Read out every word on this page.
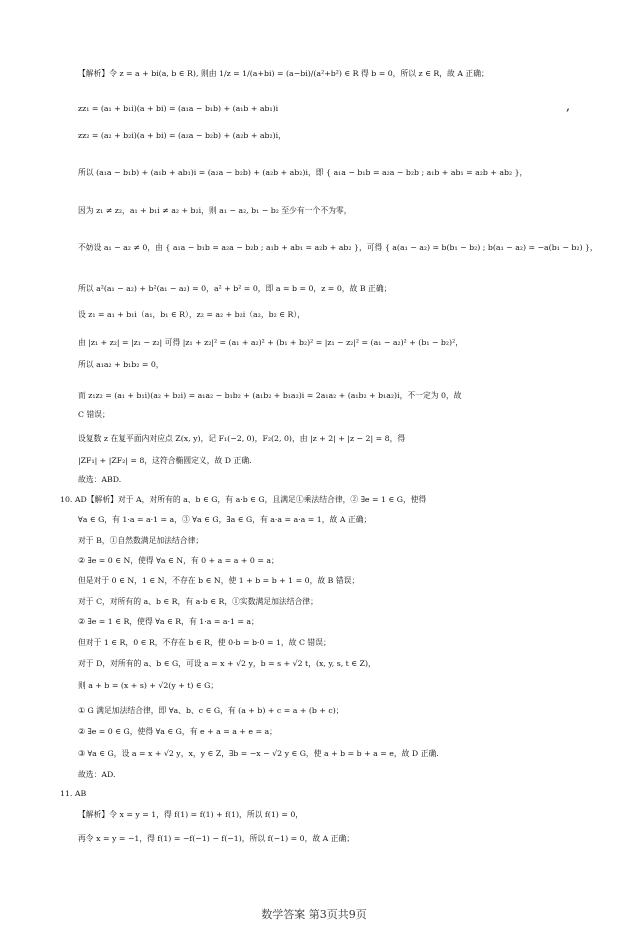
【解析】令 z = a + bi(a, b ∈ R), 则由 1/z = 1/(a+bi) = (a−bi)/(a²+b²) ∈ R 得 b = 0，所以 z ∈ R，故 A 正确；
zz₁ = (a₁ + b₁i)(a + bi) = (a₁a − b₁b) + (a₁b + ab₁)i	,
zz₂ = (a₂ + b₂i)(a + bi) = (a₂a − b₂b) + (a₂b + ab₂)i，
所以 (a₁a − b₁b) + (a₁b + ab₁)i = (a₂a − b₂b) + (a₂b + ab₂)i，即 { a₁a − b₁b = a₂a − b₂b ; a₁b + ab₁ = a₂b + ab₂ }，
因为 z₁ ≠ z₂，a₁ + b₁i ≠ a₂ + b₂i，则 a₁ − a₂, b₁ − b₂ 至少有一个不为零，
不妨设 a₁ − a₂ ≠ 0，由 { a₁a − b₁b = a₂a − b₂b ; a₁b + ab₁ = a₂b + ab₂ }，可得 { a(a₁ − a₂) = b(b₁ − b₂) ; b(a₁ − a₂) = −a(b₁ − b₂) }，
所以 a²(a₁ − a₂) + b²(a₁ − a₂) = 0，a² + b² = 0，即 a = b = 0，z = 0，故 B 正确；
设 z₁ = a₁ + b₁i（a₁，b₁ ∈ R），z₂ = a₂ + b₂i（a₂，b₂ ∈ R），
由 |z₁ + z₂| = |z₁ − z₂| 可得 |z₁ + z₂|² = (a₁ + a₂)² + (b₁ + b₂)² = |z₁ − z₂|² = (a₁ − a₂)² + (b₁ − b₂)²，
所以 a₁a₂ + b₁b₂ = 0，
而 z₁z₂ = (a₁ + b₁i)(a₂ + b₂i) = a₁a₂ − b₁b₂ + (a₁b₂ + b₁a₂)i = 2a₁a₂ + (a₁b₂ + b₁a₂)i，不一定为 0，故
C 错误；
设复数 z 在复平面内对应点 Z(x, y)，记 F₁(−2, 0)，F₂(2, 0)，由 |z + 2| + |z − 2| = 8，得
|ZF₁| + |ZF₂| = 8，这符合椭圆定义，故 D 正确.
故选：ABD.
10. AD【解析】对于 A，对所有的 a、b ∈ G，有 a·b ∈ G，且满足①乘法结合律，② ∃e = 1 ∈ G，使得
∀a ∈ G，有 1·a = a·1 = a，③ ∀a ∈ G，∃a ∈ G，有 a·a = a·a = 1，故 A 正确；
对于 B，①自然数满足加法结合律；
② ∃e = 0 ∈ N，使得 ∀a ∈ N，有 0 + a = a + 0 = a；
但是对于 0 ∈ N，1 ∈ N，不存在 b ∈ N，使 1 + b = b + 1 = 0，故 B 错误；
对于 C，对所有的 a、b ∈ R，有 a·b ∈ R，①实数满足加法结合律；
② ∃e = 1 ∈ R，使得 ∀a ∈ R，有 1·a = a·1 = a；
但对于 1 ∈ R，0 ∈ R，不存在 b ∈ R，使 0·b = b·0 = 1，故 C 错误；
对于 D，对所有的 a、b ∈ G，可设 a = x + √2 y，b = s + √2 t，(x, y, s, t ∈ Z)，
则 a + b = (x + s) + √2(y + t) ∈ G；
① G 满足加法结合律，即 ∀a、b、c ∈ G，有 (a + b) + c = a + (b + c)；
② ∃e = 0 ∈ G，使得 ∀a ∈ G，有 e + a = a + e = a；
③ ∀a ∈ G，设 a = x + √2 y，x，y ∈ Z，∃b = −x − √2 y ∈ G，使 a + b = b + a = e，故 D 正确.
故选：AD.
11. AB
【解析】令 x = y = 1，得 f(1) = f(1) + f(1)，所以 f(1) = 0，
再令 x = y = −1，得 f(1) = −f(−1) − f(−1)，所以 f(−1) = 0，故 A 正确；
数学答案 第3页共9页
